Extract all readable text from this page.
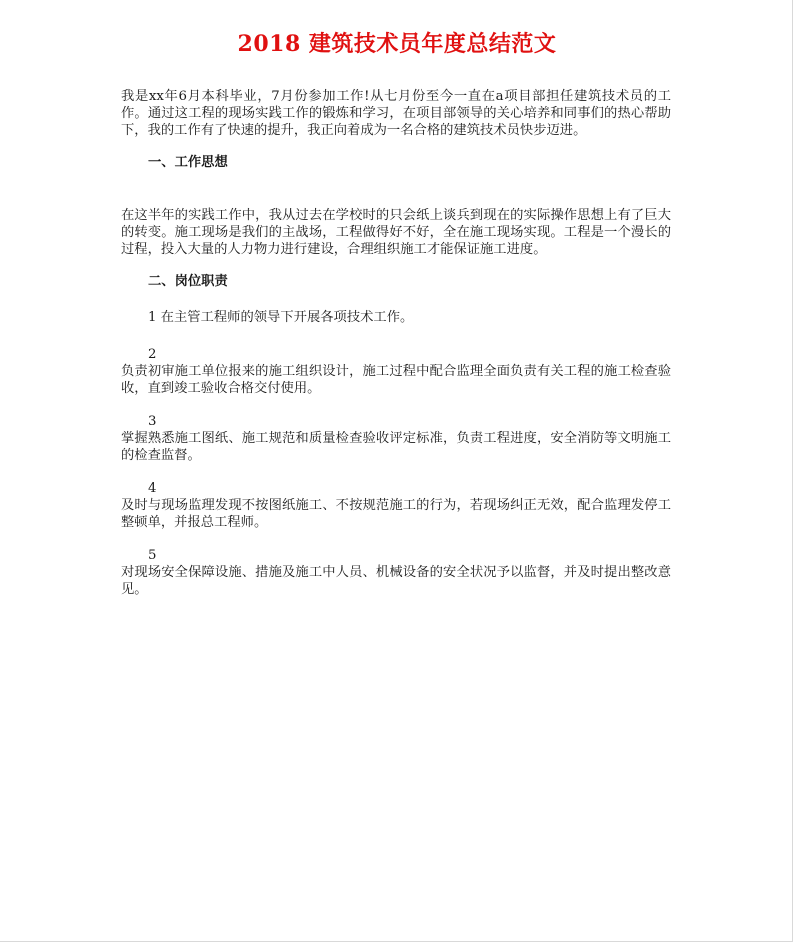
2018 建筑技术员年度总结范文

我是xx年6月本科毕业，7月份参加工作!从七月份至今一直在a项目部担任建筑技术员的工作。通过这工程的现场实践工作的锻炼和学习，在项目部领导的关心培养和同事们的热心帮助下，我的工作有了快速的提升，我正向着成为一名合格的建筑技术员快步迈进。

一、工作思想

在这半年的实践工作中，我从过去在学校时的只会纸上谈兵到现在的实际操作思想上有了巨大的转变。施工现场是我们的主战场，工程做得好不好，全在施工现场实现。工程是一个漫长的过程，投入大量的人力物力进行建设，合理组织施工才能保证施工进度。

二、岗位职责

1 在主管工程师的领导下开展各项技术工作。

2

负责初审施工单位报来的施工组织设计，施工过程中配合监理全面负责有关工程的施工检查验收，直到竣工验收合格交付使用。

3

掌握熟悉施工图纸、施工规范和质量检查验收评定标准，负责工程进度，安全消防等文明施工的检查监督。

4

及时与现场监理发现不按图纸施工、不按规范施工的行为，若现场纠正无效，配合监理发停工整顿单，并报总工程师。

5

对现场安全保障设施、措施及施工中人员、机械设备的安全状况予以监督，并及时提出整改意见。
